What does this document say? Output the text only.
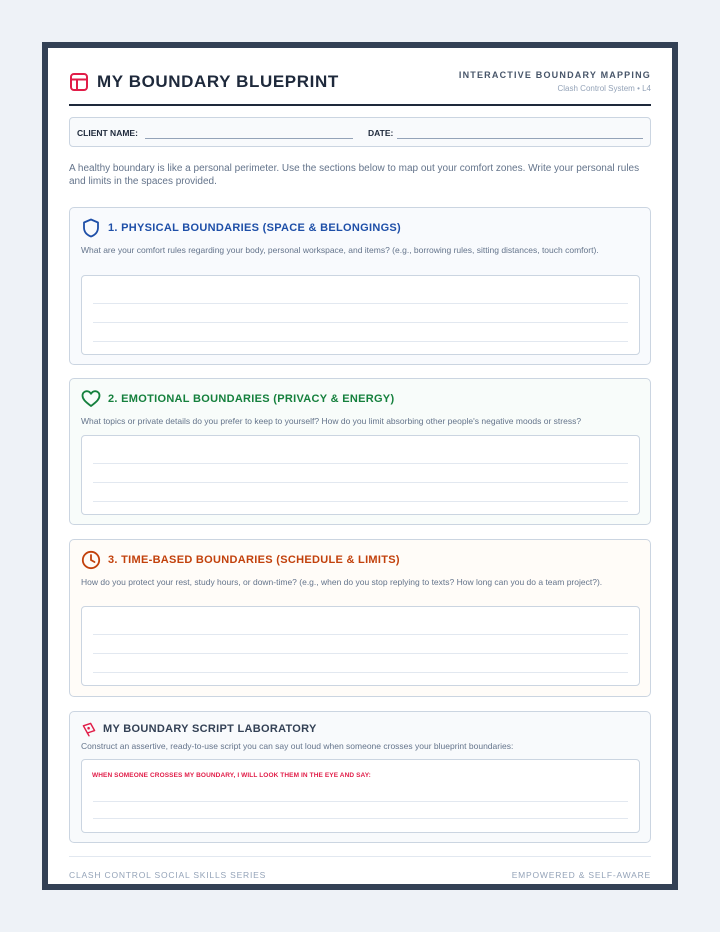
MY BOUNDARY BLUEPRINT	INTERACTIVE BOUNDARY MAPPING
Clash Control System • L4
CLIENT NAME:	DATE:
A healthy boundary is like a personal perimeter. Use the sections below to map out your comfort zones. Write your personal rules and limits in the spaces provided.
1. PHYSICAL BOUNDARIES (SPACE & BELONGINGS)
What are your comfort rules regarding your body, personal workspace, and items? (e.g., borrowing rules, sitting distances, touch comfort).
2. EMOTIONAL BOUNDARIES (PRIVACY & ENERGY)
What topics or private details do you prefer to keep to yourself? How do you limit absorbing other people's negative moods or stress?
3. TIME-BASED BOUNDARIES (SCHEDULE & LIMITS)
How do you protect your rest, study hours, or down-time? (e.g., when do you stop replying to texts? How long can you do a team project?).
MY BOUNDARY SCRIPT LABORATORY
Construct an assertive, ready-to-use script you can say out loud when someone crosses your blueprint boundaries:
WHEN SOMEONE CROSSES MY BOUNDARY, I WILL LOOK THEM IN THE EYE AND SAY:
CLASH CONTROL SOCIAL SKILLS SERIES	EMPOWERED & SELF-AWARE
